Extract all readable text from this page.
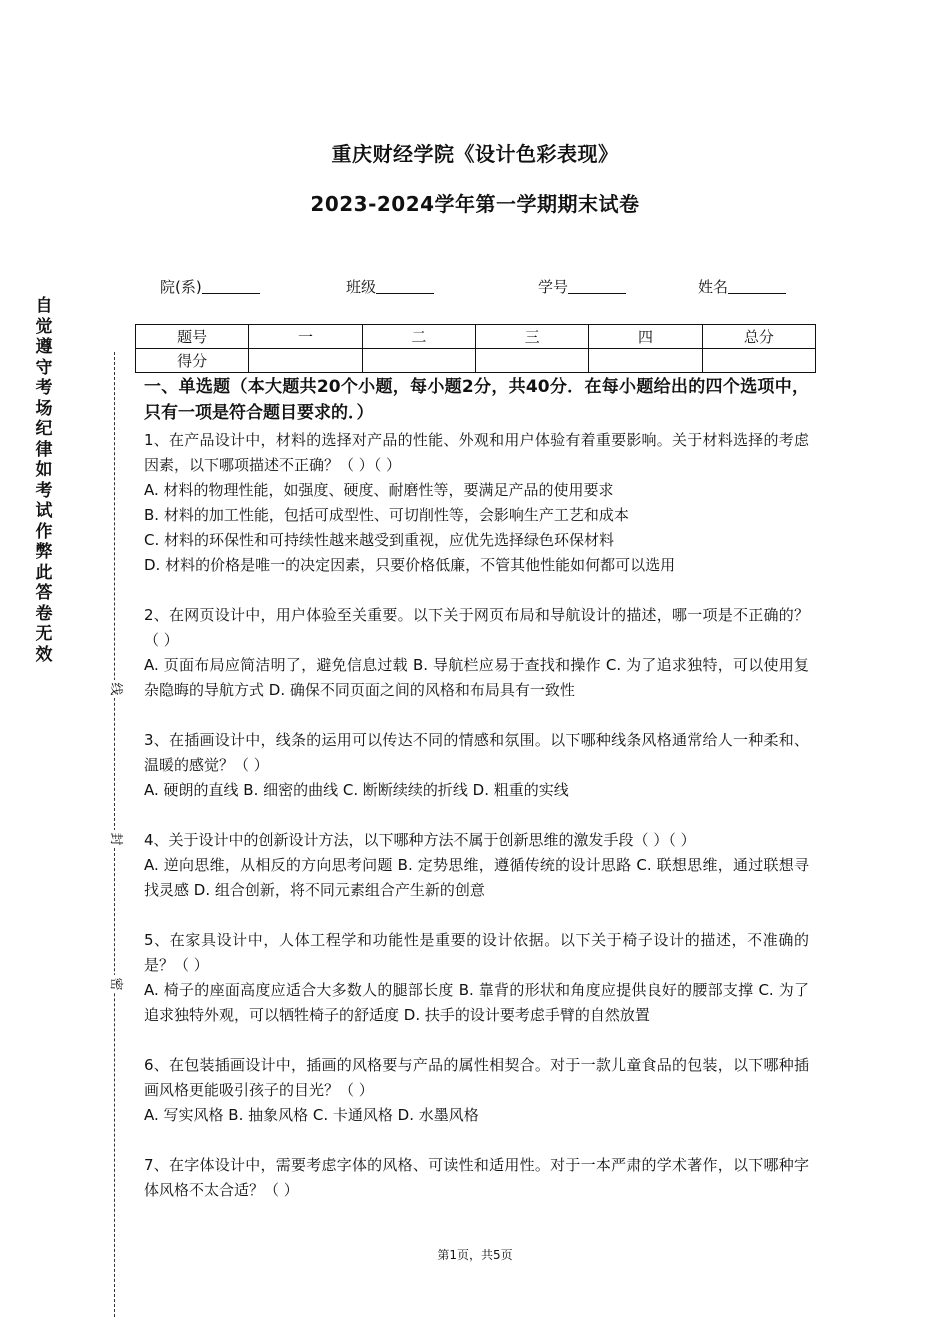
重庆财经学院《设计色彩表现》
2023-2024学年第一学期期末试卷
院(系)	班级	学号	姓名
题号	一	二	三	四	总分
得分					
自觉遵守考场纪律如考试作弊此答卷无效
线
封
密
一、单选题（本大题共20个小题，每小题2分，共40分．在每小题给出的四个选项中，只有一项是符合题目要求的．）

1、在产品设计中，材料的选择对产品的性能、外观和用户体验有着重要影响。关于材料选择的考虑因素，以下哪项描述不正确？（ ）（ ）

A. 材料的物理性能，如强度、硬度、耐磨性等，要满足产品的使用要求

B. 材料的加工性能，包括可成型性、可切削性等，会影响生产工艺和成本

C. 材料的环保性和可持续性越来越受到重视，应优先选择绿色环保材料

D. 材料的价格是唯一的决定因素，只要价格低廉，不管其他性能如何都可以选用

2、在网页设计中，用户体验至关重要。以下关于网页布局和导航设计的描述，哪一项是不正确的？（ ）

A. 页面布局应简洁明了，避免信息过载 B. 导航栏应易于查找和操作 C. 为了追求独特，可以使用复杂隐晦的导航方式 D. 确保不同页面之间的风格和布局具有一致性

3、在插画设计中，线条的运用可以传达不同的情感和氛围。以下哪种线条风格通常给人一种柔和、温暖的感觉？（ ）

A. 硬朗的直线 B. 细密的曲线 C. 断断续续的折线 D. 粗重的实线

4、关于设计中的创新设计方法，以下哪种方法不属于创新思维的激发手段（ ）（ ）

A. 逆向思维，从相反的方向思考问题 B. 定势思维，遵循传统的设计思路 C. 联想思维，通过联想寻找灵感 D. 组合创新，将不同元素组合产生新的创意

5、在家具设计中，人体工程学和功能性是重要的设计依据。以下关于椅子设计的描述，不准确的是？（ ）

A. 椅子的座面高度应适合大多数人的腿部长度 B. 靠背的形状和角度应提供良好的腰部支撑 C. 为了追求独特外观，可以牺牲椅子的舒适度 D. 扶手的设计要考虑手臂的自然放置

6、在包装插画设计中，插画的风格要与产品的属性相契合。对于一款儿童食品的包装，以下哪种插画风格更能吸引孩子的目光？（ ）

A. 写实风格 B. 抽象风格 C. 卡通风格 D. 水墨风格

7、在字体设计中，需要考虑字体的风格、可读性和适用性。对于一本严肃的学术著作，以下哪种字体风格不太合适？（ ）

第1页，共5页
